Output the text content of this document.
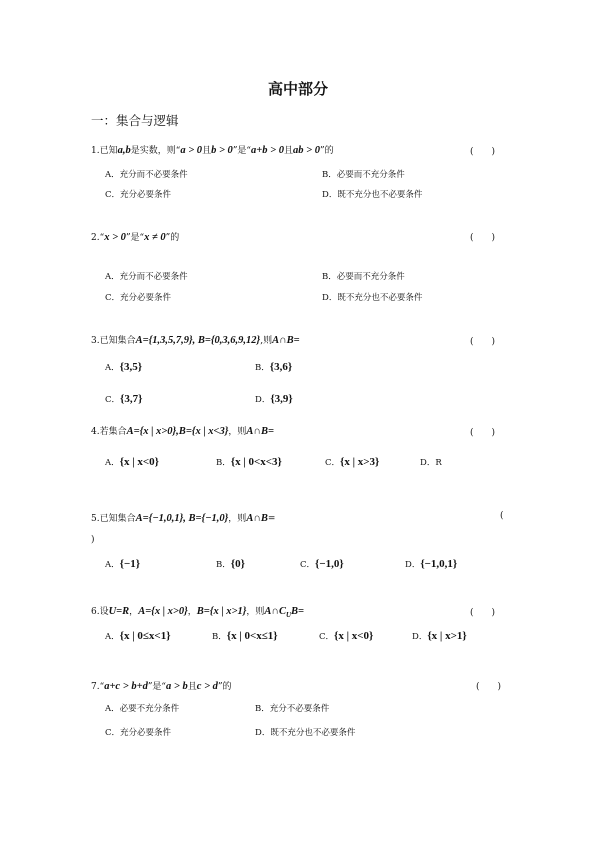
高中部分
一：集合与逻辑
1.已知a,b是实数，则“a > 0且b > 0”是“a+b > 0且ab > 0”的	(　　)
A．充分而不必要条件	B．必要而不充分条件
C．充分必要条件	D．既不充分也不必要条件
2.“x > 0”是“x ≠ 0”的	(　　)
A．充分而不必要条件	B．必要而不充分条件
C．充分必要条件	D．既不充分也不必要条件
3.已知集合A={1,3,5,7,9}, B={0,3,6,9,12},则A∩B=	(　　)
A．{3,5}	B．{3,6}
C．{3,7}	D．{3,9}
4.若集合A={x | x>0},B={x | x<3}，则A∩B=	(　　)
A．{x | x<0}	B．{x | 0<x<3}	C．{x | x>3}	D．R
5.已知集合A={−1,0,1}, B={−1,0}，则A∩B=	(
)
A．{−1}	B．{0}	C．{−1,0}	D．{−1,0,1}
6.设U=R，A={x | x>0}，B={x | x>1}，则$A\cap C_UB=$	(　　)
A．{x | 0≤x<1}	B．{x | 0<x≤1}	C．{x | x<0}	D．{x | x>1}
7.“a+c > b+d”是“a > b且c > d”的	(　　)
A．必要不充分条件	B．充分不必要条件
C．充分必要条件	D．既不充分也不必要条件
